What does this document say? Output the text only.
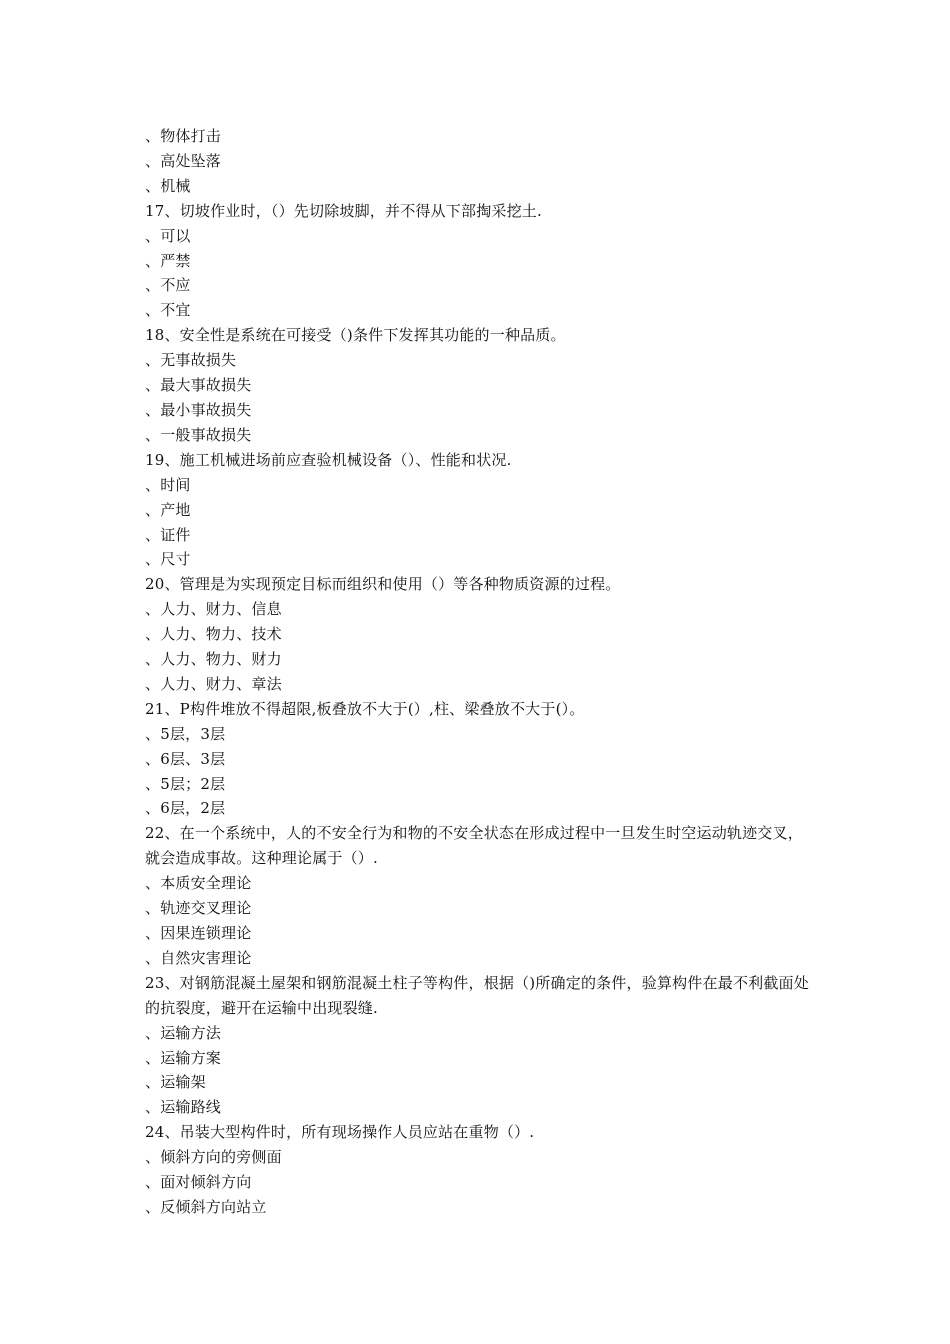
、物体打击
、高处坠落
、机械
17、切坡作业时，（）先切除坡脚，并不得从下部掏采挖土.
、可以
、严禁
、不应
、不宜
18、安全性是系统在可接受（)条件下发挥其功能的一种品质。
、无事故损失
、最大事故损失
、最小事故损失
、一般事故损失
19、施工机械进场前应查验机械设备（）、性能和状况.
、时间
、产地
、证件
、尺寸
20、管理是为实现预定目标而组织和使用（）等各种物质资源的过程。
、人力、财力、信息
、人力、物力、技术
、人力、物力、财力
、人力、财力、章法
21、P构件堆放不得超限,板叠放不大于(）,柱、梁叠放不大于(）。
、5层，3层
、6层、3层
、5层；2层
、6层，2层
22、在一个系统中，人的不安全行为和物的不安全状态在形成过程中一旦发生时空运动轨迹交叉，就会造成事故。这种理论属于（）.
、本质安全理论
、轨迹交叉理论
、因果连锁理论
、自然灾害理论
23、对钢筋混凝土屋架和钢筋混凝土柱子等构件，根据（)所确定的条件，验算构件在最不利截面处的抗裂度，避开在运输中出现裂缝.
、运输方法
、运输方案
、运输架
、运输路线
24、吊装大型构件时，所有现场操作人员应站在重物（）.
、倾斜方向的旁侧面
、面对倾斜方向
、反倾斜方向站立
